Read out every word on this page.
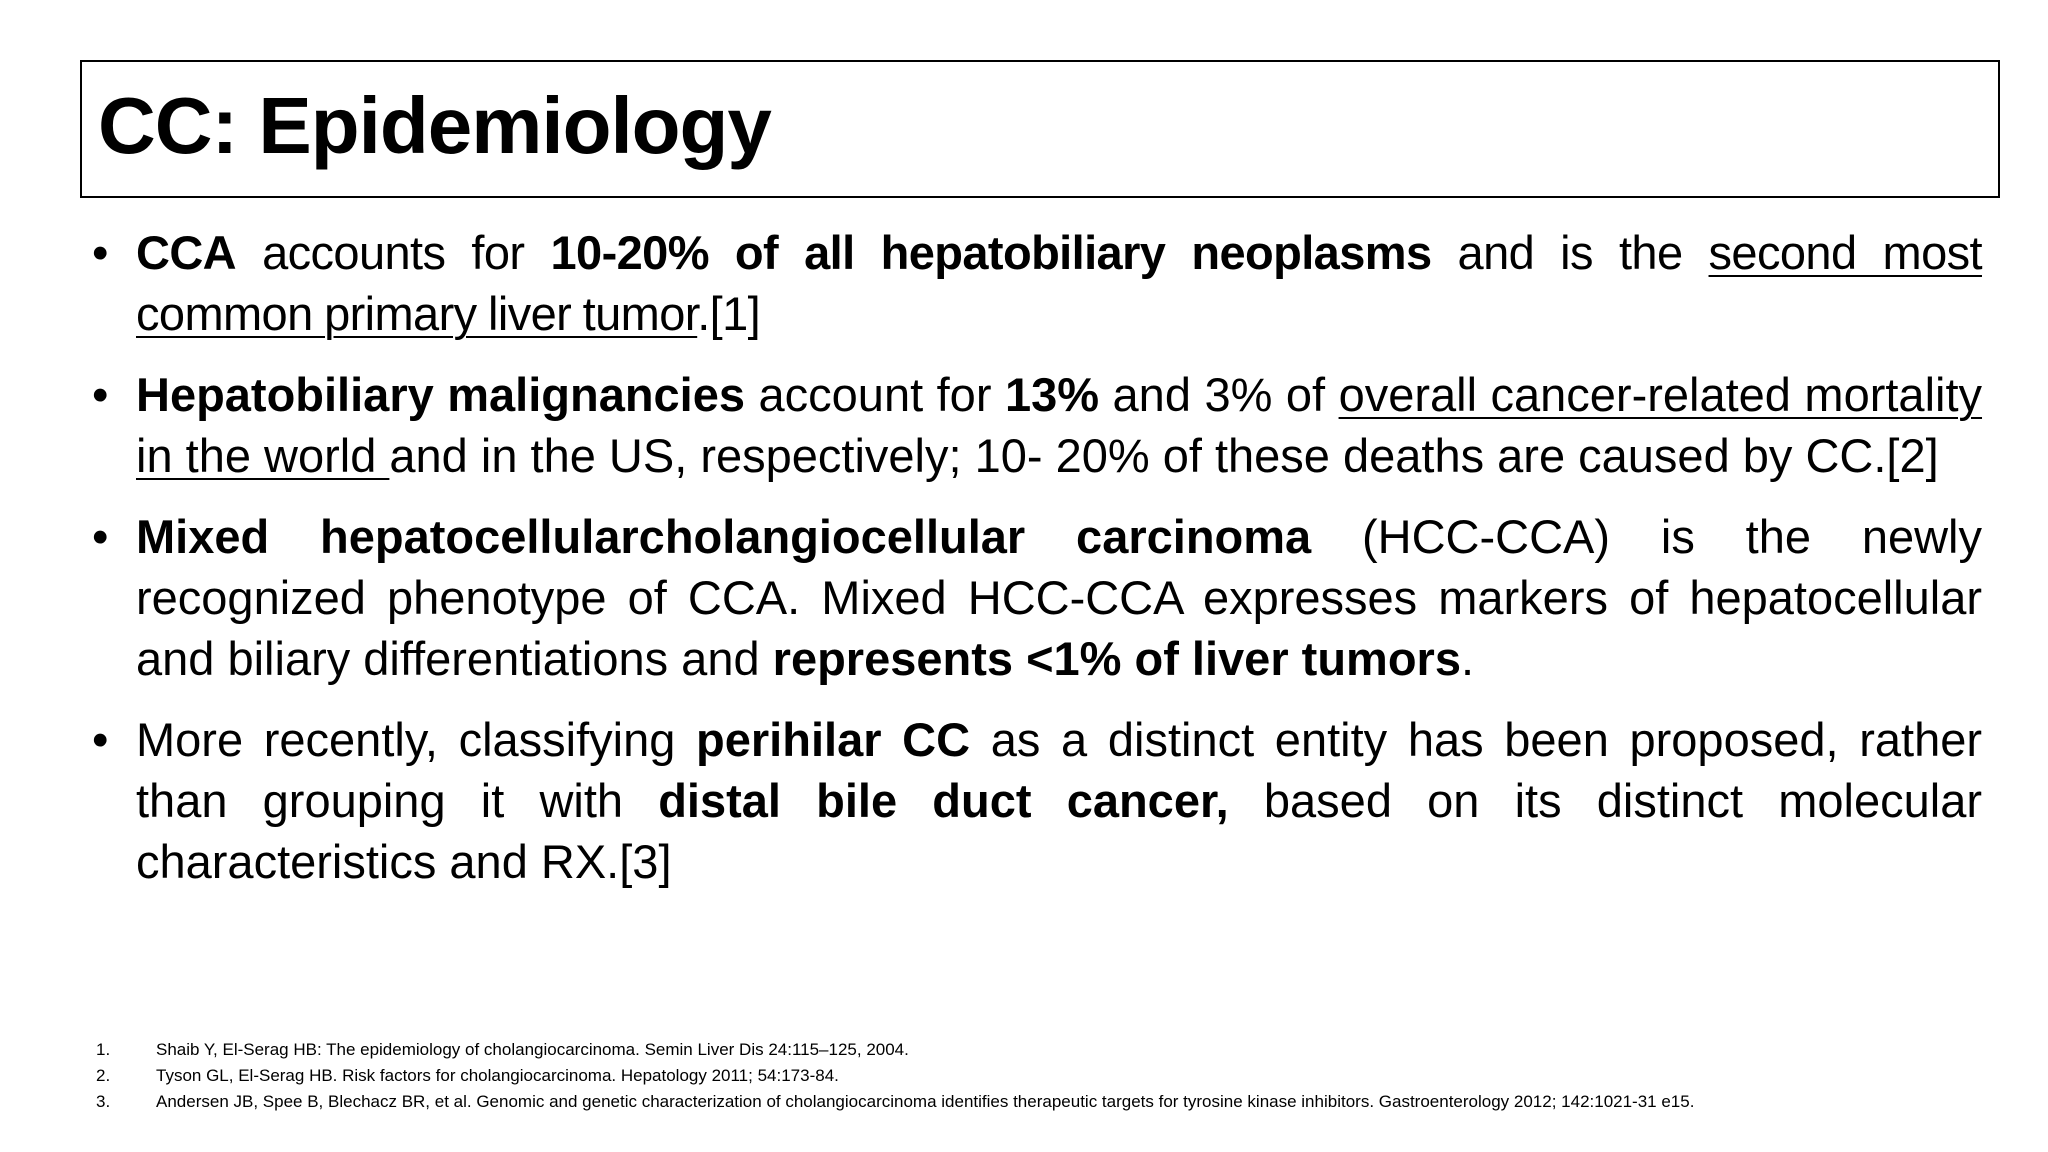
CC: Epidemiology
• CCA accounts for 10-20% of all hepatobiliary neoplasms and is the second most common primary liver tumor.[1]
• Hepatobiliary malignancies account for 13% and 3% of overall cancer-related mortality in the world and in the US, respectively; 10- 20% of these deaths are caused by CC.[2]
• Mixed hepatocellularcholangiocellular carcinoma (HCC-CCA) is the newly recognized phenotype of CCA. Mixed HCC-CCA expresses markers of hepatocellular and biliary differentiations and represents <1% of liver tumors.
• More recently, classifying perihilar CC as a distinct entity has been proposed, rather than grouping it with distal bile duct cancer, based on its distinct molecular characteristics and RX.[3]
1.	Shaib Y, El-Serag HB: The epidemiology of cholangiocarcinoma. Semin Liver Dis 24:115–125, 2004.
2.	Tyson GL, El-Serag HB. Risk factors for cholangiocarcinoma. Hepatology 2011; 54:173-84.
3.	Andersen JB, Spee B, Blechacz BR, et al. Genomic and genetic characterization of cholangiocarcinoma identifies therapeutic targets for tyrosine kinase inhibitors. Gastroenterology 2012; 142:1021-31 e15.
